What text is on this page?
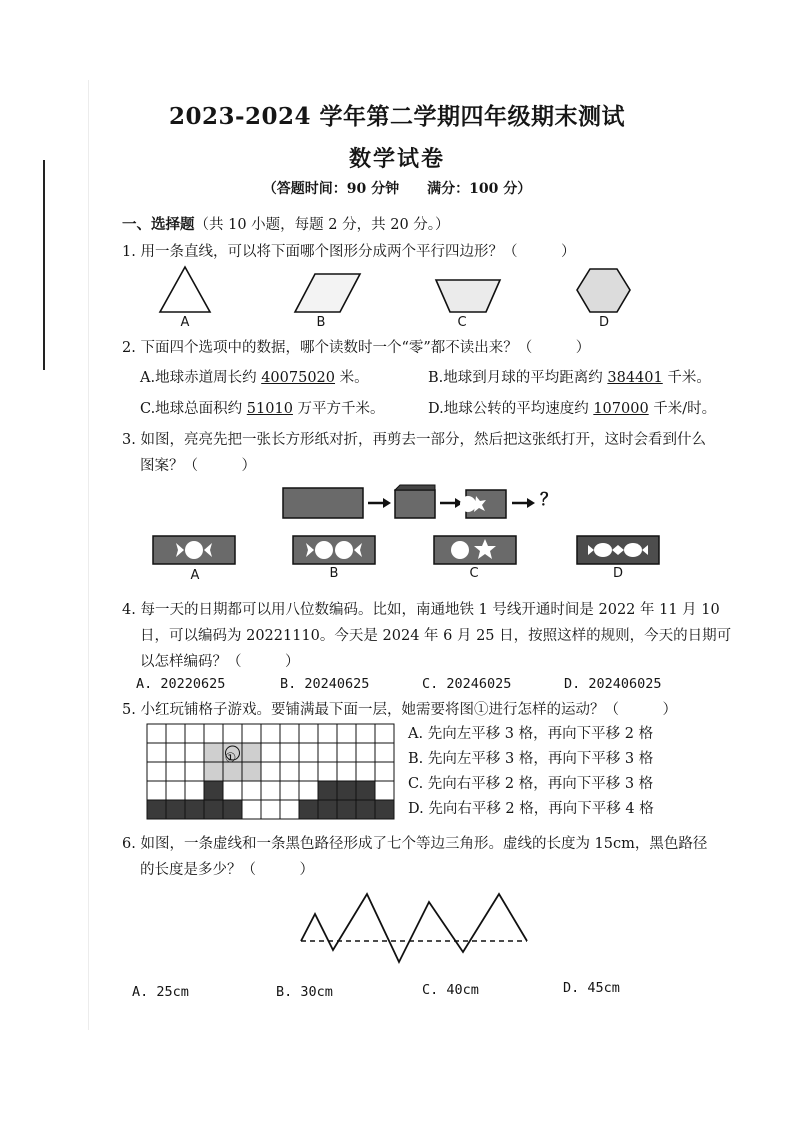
2023-2024 学年第二学期四年级期末测试
数学试卷
（答题时间：90 分钟　　满分：100 分）
一、选择题（共 10 小题，每题 2 分，共 20 分。）
1. 用一条直线，可以将下面哪个图形分成两个平行四边形？（　　　）
A	B	C	D
2. 下面四个选项中的数据，哪个读数时一个“零”都不读出来？（　　　）
A.地球赤道周长约 40075020 米。	B.地球到月球的平均距离约 384401 千米。
C.地球总面积约 51010 万平方千米。	D.地球公转的平均速度约 107000 千米/时。
3. 如图，亮亮先把一张长方形纸对折，再剪去一部分，然后把这张纸打开，这时会看到什么
图案？（　　　）
？
A	B	C	D
4. 每一天的日期都可以用八位数编码。比如，南通地铁 1 号线开通时间是 2022 年 11 月 10
日，可以编码为 20221110。今天是 2024 年 6 月 25 日，按照这样的规则，今天的日期可
以怎样编码？（　　　）
A. 20220625	B. 20240625	C. 20246025	D. 202406025
5. 小红玩铺格子游戏。要铺满最下面一层，她需要将图①进行怎样的运动？（　　　）
①
A. 先向左平移 3 格，再向下平移 2 格
B. 先向左平移 3 格，再向下平移 3 格
C. 先向右平移 2 格，再向下平移 3 格
D. 先向右平移 2 格，再向下平移 4 格
6. 如图，一条虚线和一条黑色路径形成了七个等边三角形。虚线的长度为 15cm，黑色路径
的长度是多少？（　　　）
A. 25cm	B. 30cm	C. 40cm	D. 45cm
